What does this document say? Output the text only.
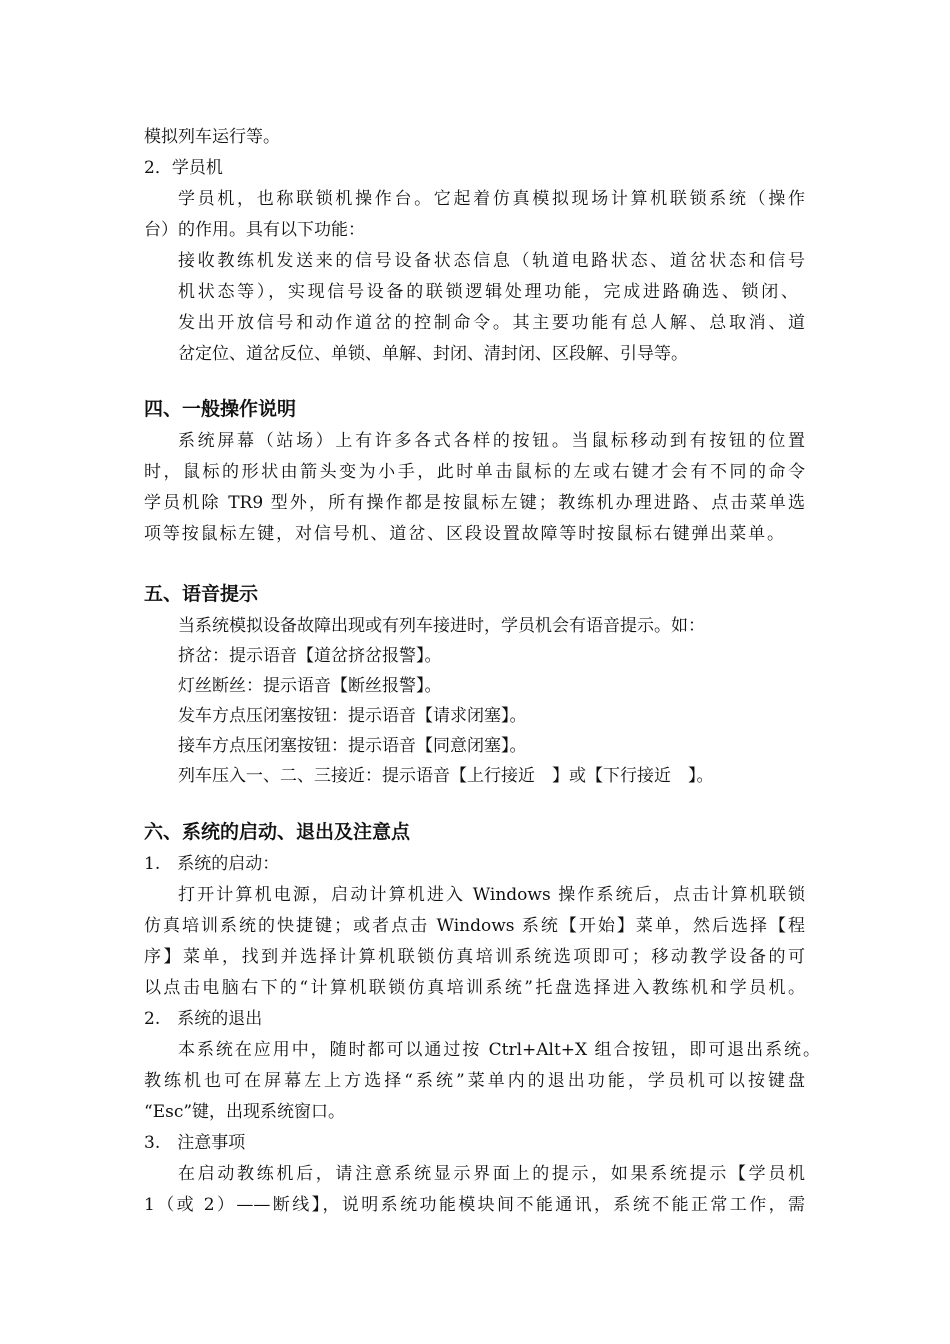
模拟列车运行等。
2．学员机
学员机，也称联锁机操作台。它起着仿真模拟现场计算机联锁系统（操作
台）的作用。具有以下功能：
接收教练机发送来的信号设备状态信息（轨道电路状态、道岔状态和信号
机状态等），实现信号设备的联锁逻辑处理功能，完成进路确选、锁闭、
发出开放信号和动作道岔的控制命令。其主要功能有总人解、总取消、道
岔定位、道岔反位、单锁、单解、封闭、清封闭、区段解、引导等。
四、一般操作说明
系统屏幕（站场）上有许多各式各样的按钮。当鼠标移动到有按钮的位置
时，鼠标的形状由箭头变为小手，此时单击鼠标的左或右键才会有不同的命令
学员机除 TR9 型外，所有操作都是按鼠标左键；教练机办理进路、点击菜单选
项等按鼠标左键，对信号机、道岔、区段设置故障等时按鼠标右键弹出菜单。
五、语音提示
当系统模拟设备故障出现或有列车接进时，学员机会有语音提示。如：
挤岔：提示语音【道岔挤岔报警】。
灯丝断丝：提示语音【断丝报警】。
发车方点压闭塞按钮：提示语音【请求闭塞】。
接车方点压闭塞按钮：提示语音【同意闭塞】。
列车压入一、二、三接近：提示语音【上行接近　】或【下行接近　】。
六、系统的启动、退出及注意点
1.　系统的启动：
打开计算机电源，启动计算机进入 Windows 操作系统后，点击计算机联锁
仿真培训系统的快捷键；或者点击 Windows 系统【开始】菜单，然后选择【程
序】菜单，找到并选择计算机联锁仿真培训系统选项即可；移动教学设备的可
以点击电脑右下的“计算机联锁仿真培训系统”托盘选择进入教练机和学员机。
2.　系统的退出
本系统在应用中，随时都可以通过按 Ctrl+Alt+X 组合按钮，即可退出系统。
教练机也可在屏幕左上方选择“系统”菜单内的退出功能，学员机可以按键盘
“Esc”键，出现系统窗口。
3.　注意事项
在启动教练机后，请注意系统显示界面上的提示，如果系统提示【学员机
1（或 2）——断线】，说明系统功能模块间不能通讯，系统不能正常工作，需
